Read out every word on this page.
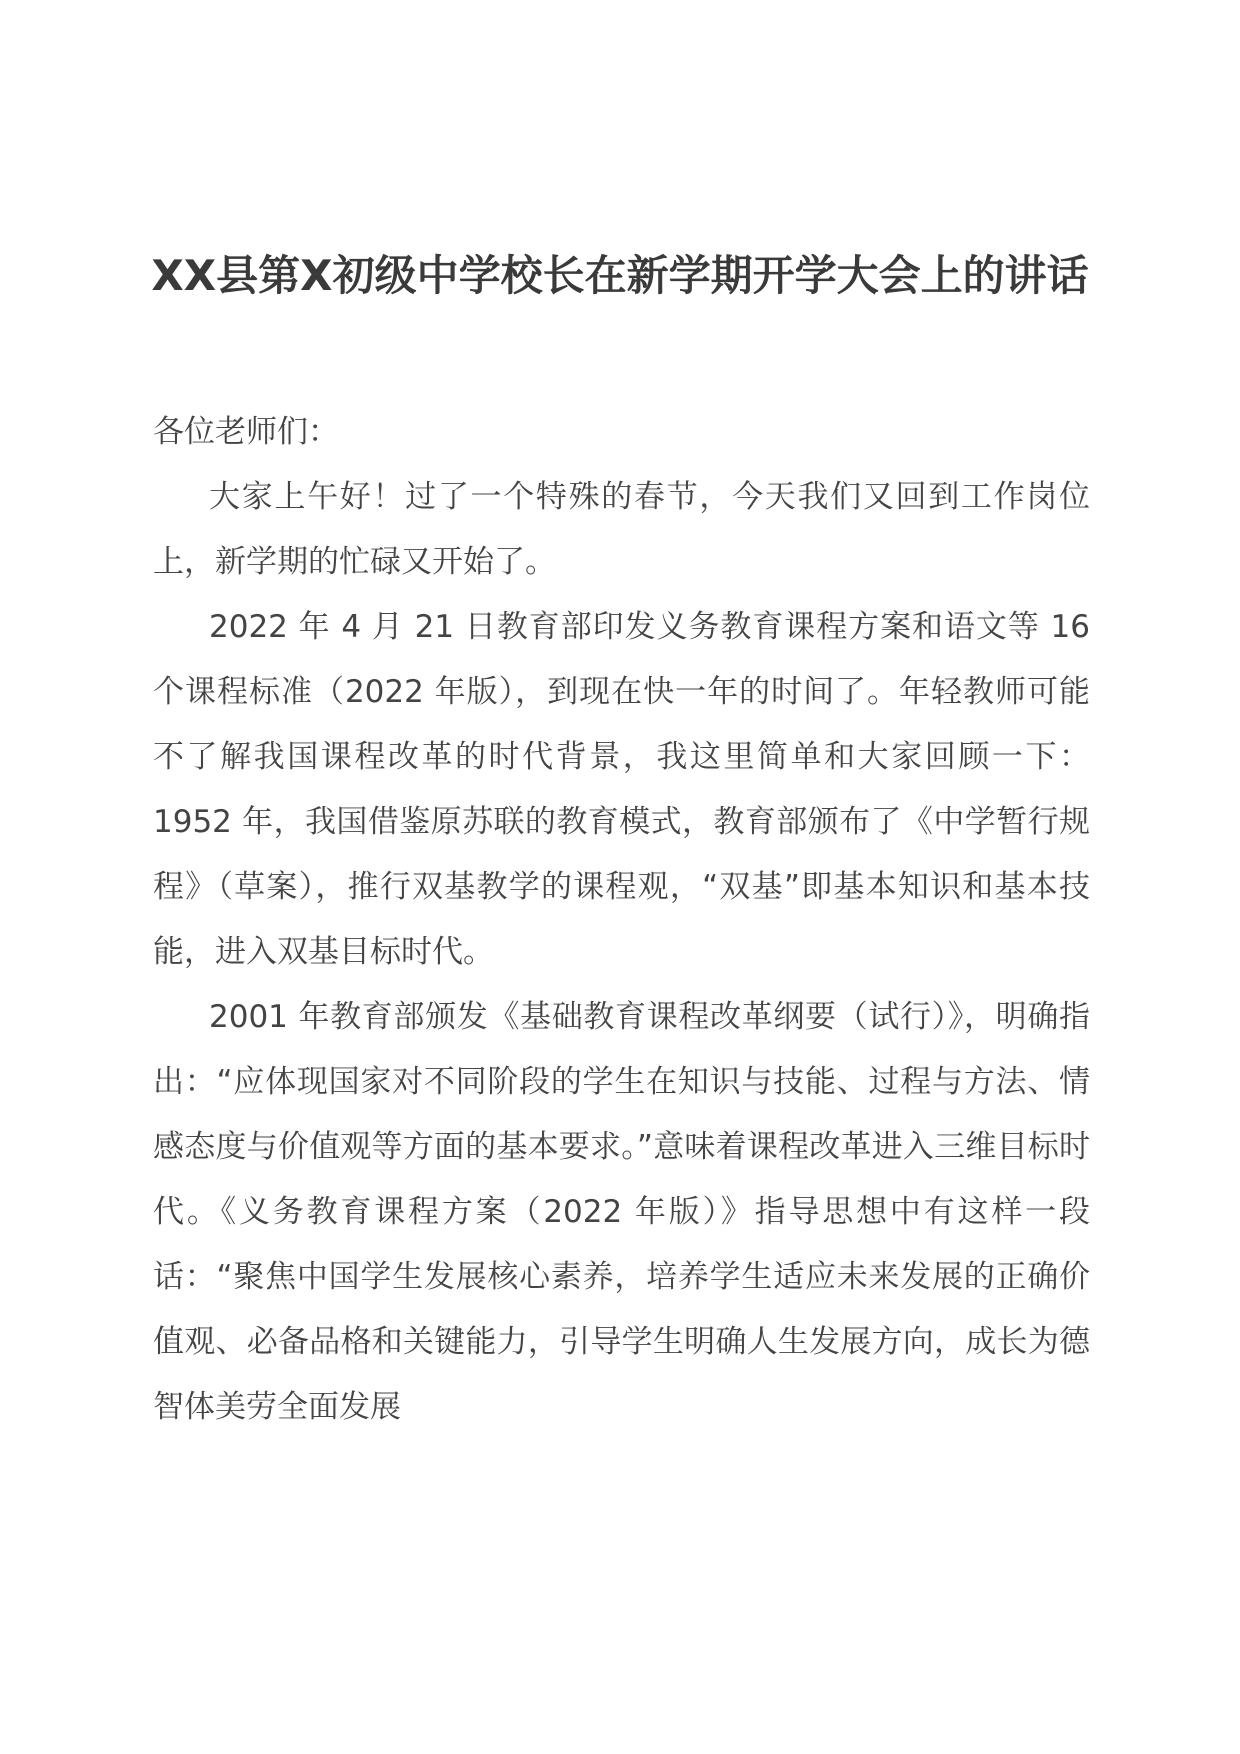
XX县第X初级中学校长在新学期开学大会上的讲话

各位老师们：

大家上午好！过了一个特殊的春节，今天我们又回到工作岗位上，新学期的忙碌又开始了。

2022 年 4 月 21 日教育部印发义务教育课程方案和语文等 16 个课程标准（2022 年版），到现在快一年的时间了。年轻教师可能不了解我国课程改革的时代背景，我这里简单和大家回顾一下：1952 年，我国借鉴原苏联的教育模式，教育部颁布了《中学暂行规程》（草案），推行双基教学的课程观，“双基”即基本知识和基本技能，进入双基目标时代。

2001 年教育部颁发《基础教育课程改革纲要（试行）》，明确指出：“应体现国家对不同阶段的学生在知识与技能、过程与方法、情感态度与价值观等方面的基本要求。”意味着课程改革进入三维目标时代。《义务教育课程方案（2022 年版）》指导思想中有这样一段话：“聚焦中国学生发展核心素养，培养学生适应未来发展的正确价值观、必备品格和关键能力，引导学生明确人生发展方向，成长为德智体美劳全面发展
